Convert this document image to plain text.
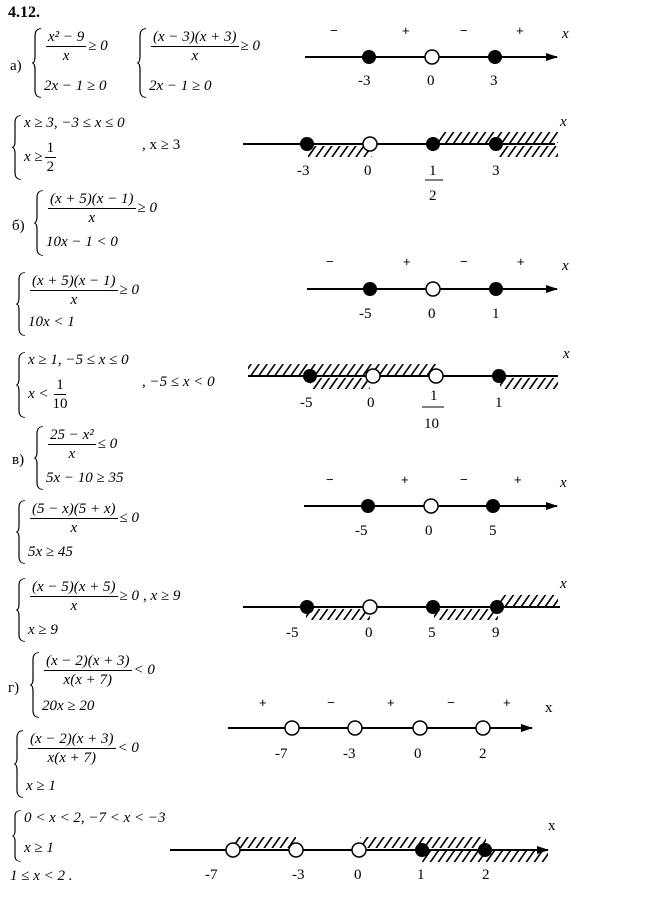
4.12.
а)
$\frac{\text{x² − 9}}{x} \ge 0$
2x − 1 ≥ 0
$\frac{(x - 3)(x + 3)}{x} \ge 0$
2x − 1 ≥ 0
x ≥ 3, −3 ≤ x ≤ 0
$x \ge \frac{1}{2}$	, x ≥ 3
$б) \frac{(x + 5)(x - 1)}{x} \ge 0$
10x − 1 < 0
$\frac{(x + 5)(x - 1)}{x} \ge 0$
10x < 1
x ≥ 1, −5 ≤ x ≤ 0
$x < \frac{1}{10}$	, −5 ≤ x < 0
$в) \frac{\text{25 − x²}}{x} \le 0$
5x − 10 ≥ 35
$\frac{(5 - x)(5 + x)}{x} \le 0$
5x ≥ 45
$\frac{(x - 5)(x + 5)}{x} \ge 0$ , x ≥ 9
x ≥ 9
$г) \frac{(x - 2)(x + 3)}{x(x + 7)} < 0$
20x ≥ 20
$\frac{(x - 2)(x + 3)}{x(x + 7)} < 0$
x ≥ 1
0 < x < 2, −7 < x < −3
x ≥ 1
1 ≤ x < 2 .
−	+	−	+	x
-3	0	3
x
-3	0	1
2
3
−	+	−	+ x
-5	0	1
x
-5	0	1
10
1
−	+	−	+	x
-5	0	5
x
-5	0	5	9
+	−	+	−	+ x
-7	-3	0	2
x
-7	-3	0	1	2
